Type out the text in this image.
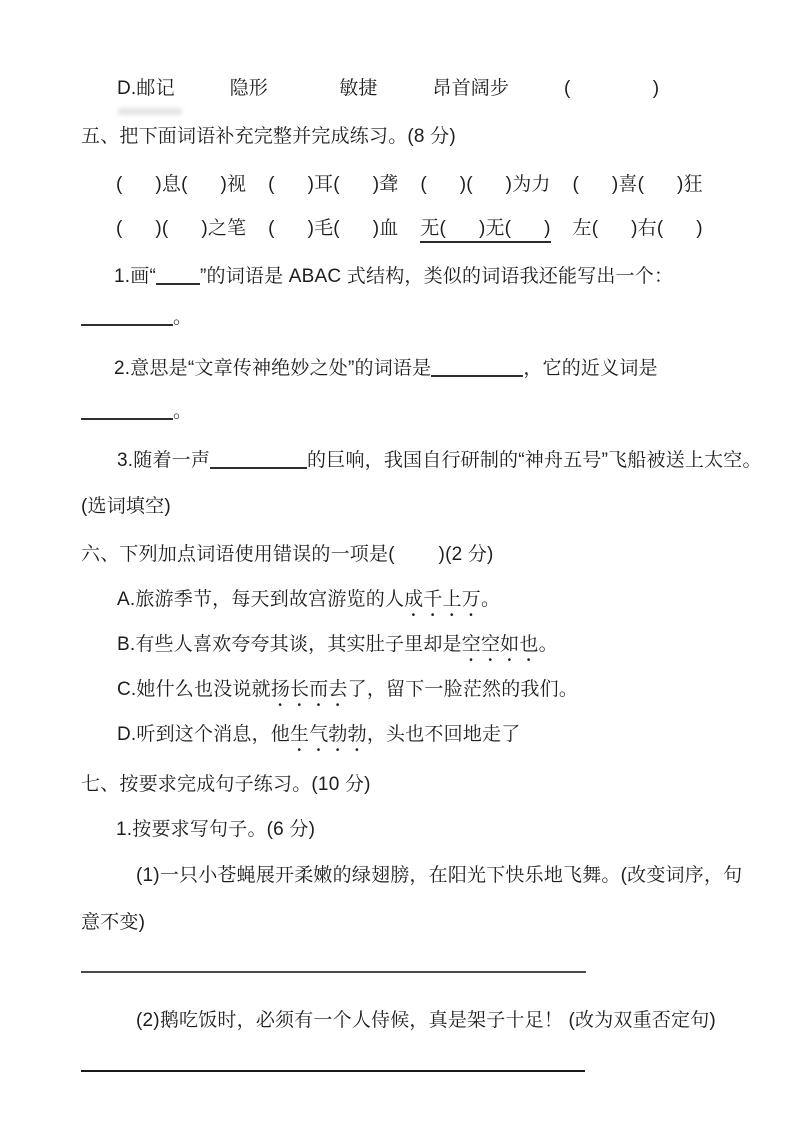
D.邮记          隐形             敏捷          昂首阔步          (               )
五、把下面词语补充完整并完成练习。(8 分)
(      )息(      )视    (      )耳(      )聋    (      )(      )为力    (      )喜(      )狂
(      )(      )之笔    (      )毛(      )血    无(      )无(      )    左(      )右(      )
1.画“ ”的词语是 ABAC 式结构，类似的词语我还能写出一个：
。
2.意思是“文章传神绝妙之处”的词语是	，它的近义词是
。
3.随着一声	的巨响，我国自行研制的“神舟五号”飞船被送上太空。
(选词填空)
六、下列加点词语使用错误的一项是(        )(2 分)
A.旅游季节，每天到故宫游览的人成千上万。
B.有些人喜欢夸夸其谈，其实肚子里却是空空如也。
C.她什么也没说就扬长而去了，留下一脸茫然的我们。
D.听到这个消息，他生气勃勃，头也不回地走了
七、按要求完成句子练习。(10 分)
1.按要求写句子。(6 分)
(1)一只小苍蝇展开柔嫩的绿翅膀，在阳光下快乐地飞舞。(改变词序，句
意不变)
(2)鹅吃饭时，必须有一个人侍候，真是架子十足！ (改为双重否定句)
